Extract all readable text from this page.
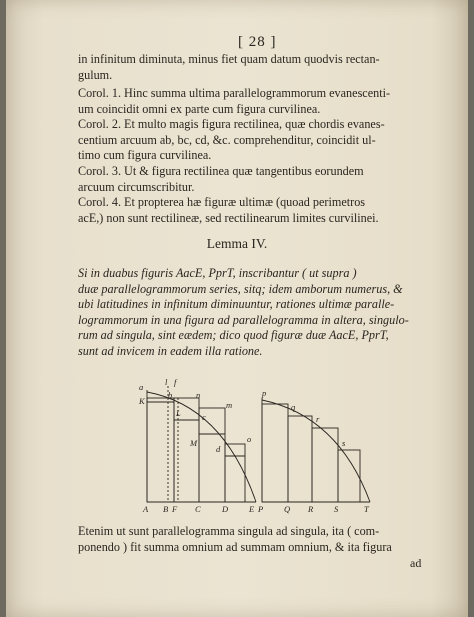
[ 28 ]
in infinitum diminuta, minus fiet quam datum quodvis rectan-
gulum.
Corol. 1. Hinc summa ultima parallelogrammorum evanescenti-
um coincidit omni ex parte cum figura curvilinea.
Corol. 2. Et multo magis figura rectilinea, quæ chordis evanes-
centium arcuum ab, bc, cd, &c. comprehenditur, coincidit ul-
timo cum figura curvilinea.
Corol. 3. Ut & figura rectilinea quæ tangentibus eorundem
arcuum circumscribitur.
Corol. 4. Et propterea hæ figuræ ultimæ (quoad perimetros
acE,) non sunt rectilineæ, sed rectilinearum limites curvilinei.
Lemma IV.
Si in duabus figuris AacE, PprT, inscribantur ( ut supra )
duæ parallelogrammorum series, sitq; idem amborum numerus, &
ubi latitudines in infinitum diminuuntur, rationes ultimæ paralle-
logrammorum in una figura ad parallelogramma in altera, singulo-
rum ad singula, sint eædem; dico quod figuræ duæ AacE, PprT,
sunt ad invicem in eadem illa ratione.
a
K
l f
b
L
n
c
m
M
d
o
A B F C	D E
p
q
r
s
P Q R S	T
Etenim ut sunt parallelogramma singula ad singula, ita ( com-
ponendo ) fit summa omnium ad summam omnium, & ita figura
ad
